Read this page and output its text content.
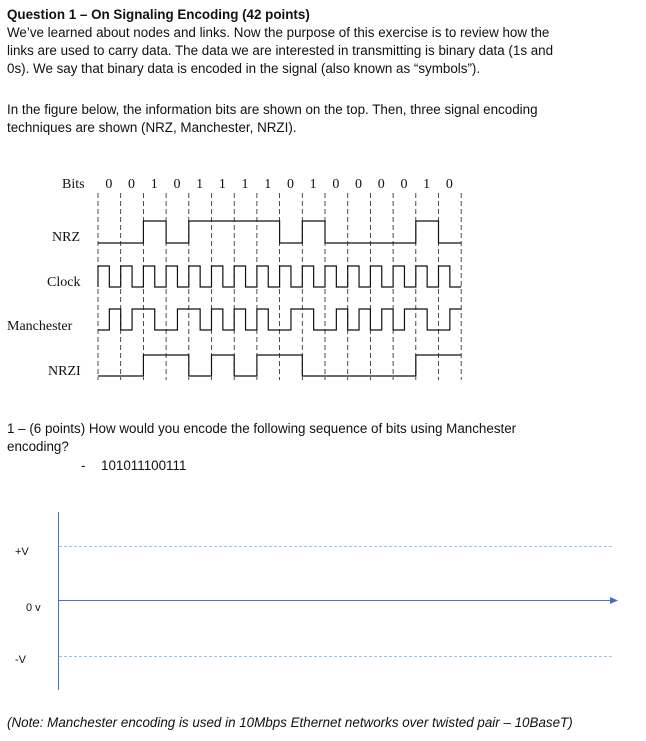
Question 1 – On Signaling Encoding (42 points)
We’ve learned about nodes and links. Now the purpose of this exercise is to review how the
links are used to carry data. The data we are interested in transmitting is binary data (1s and
0s). We say that binary data is encoded in the signal (also known as “symbols”).
In the figure below, the information bits are shown on the top. Then, three signal encoding
techniques are shown (NRZ, Manchester, NRZI).
Bits 0 0 1 0 1 1 1 1 0 1 0 0 0 0 1 0
NRZ
Clock
Manchester
NRZI
1 – (6 points) How would you encode the following sequence of bits using Manchester
encoding?
- 101011100111
+V
0 v
-V
(Note: Manchester encoding is used in 10Mbps Ethernet networks over twisted pair – 10BaseT)
